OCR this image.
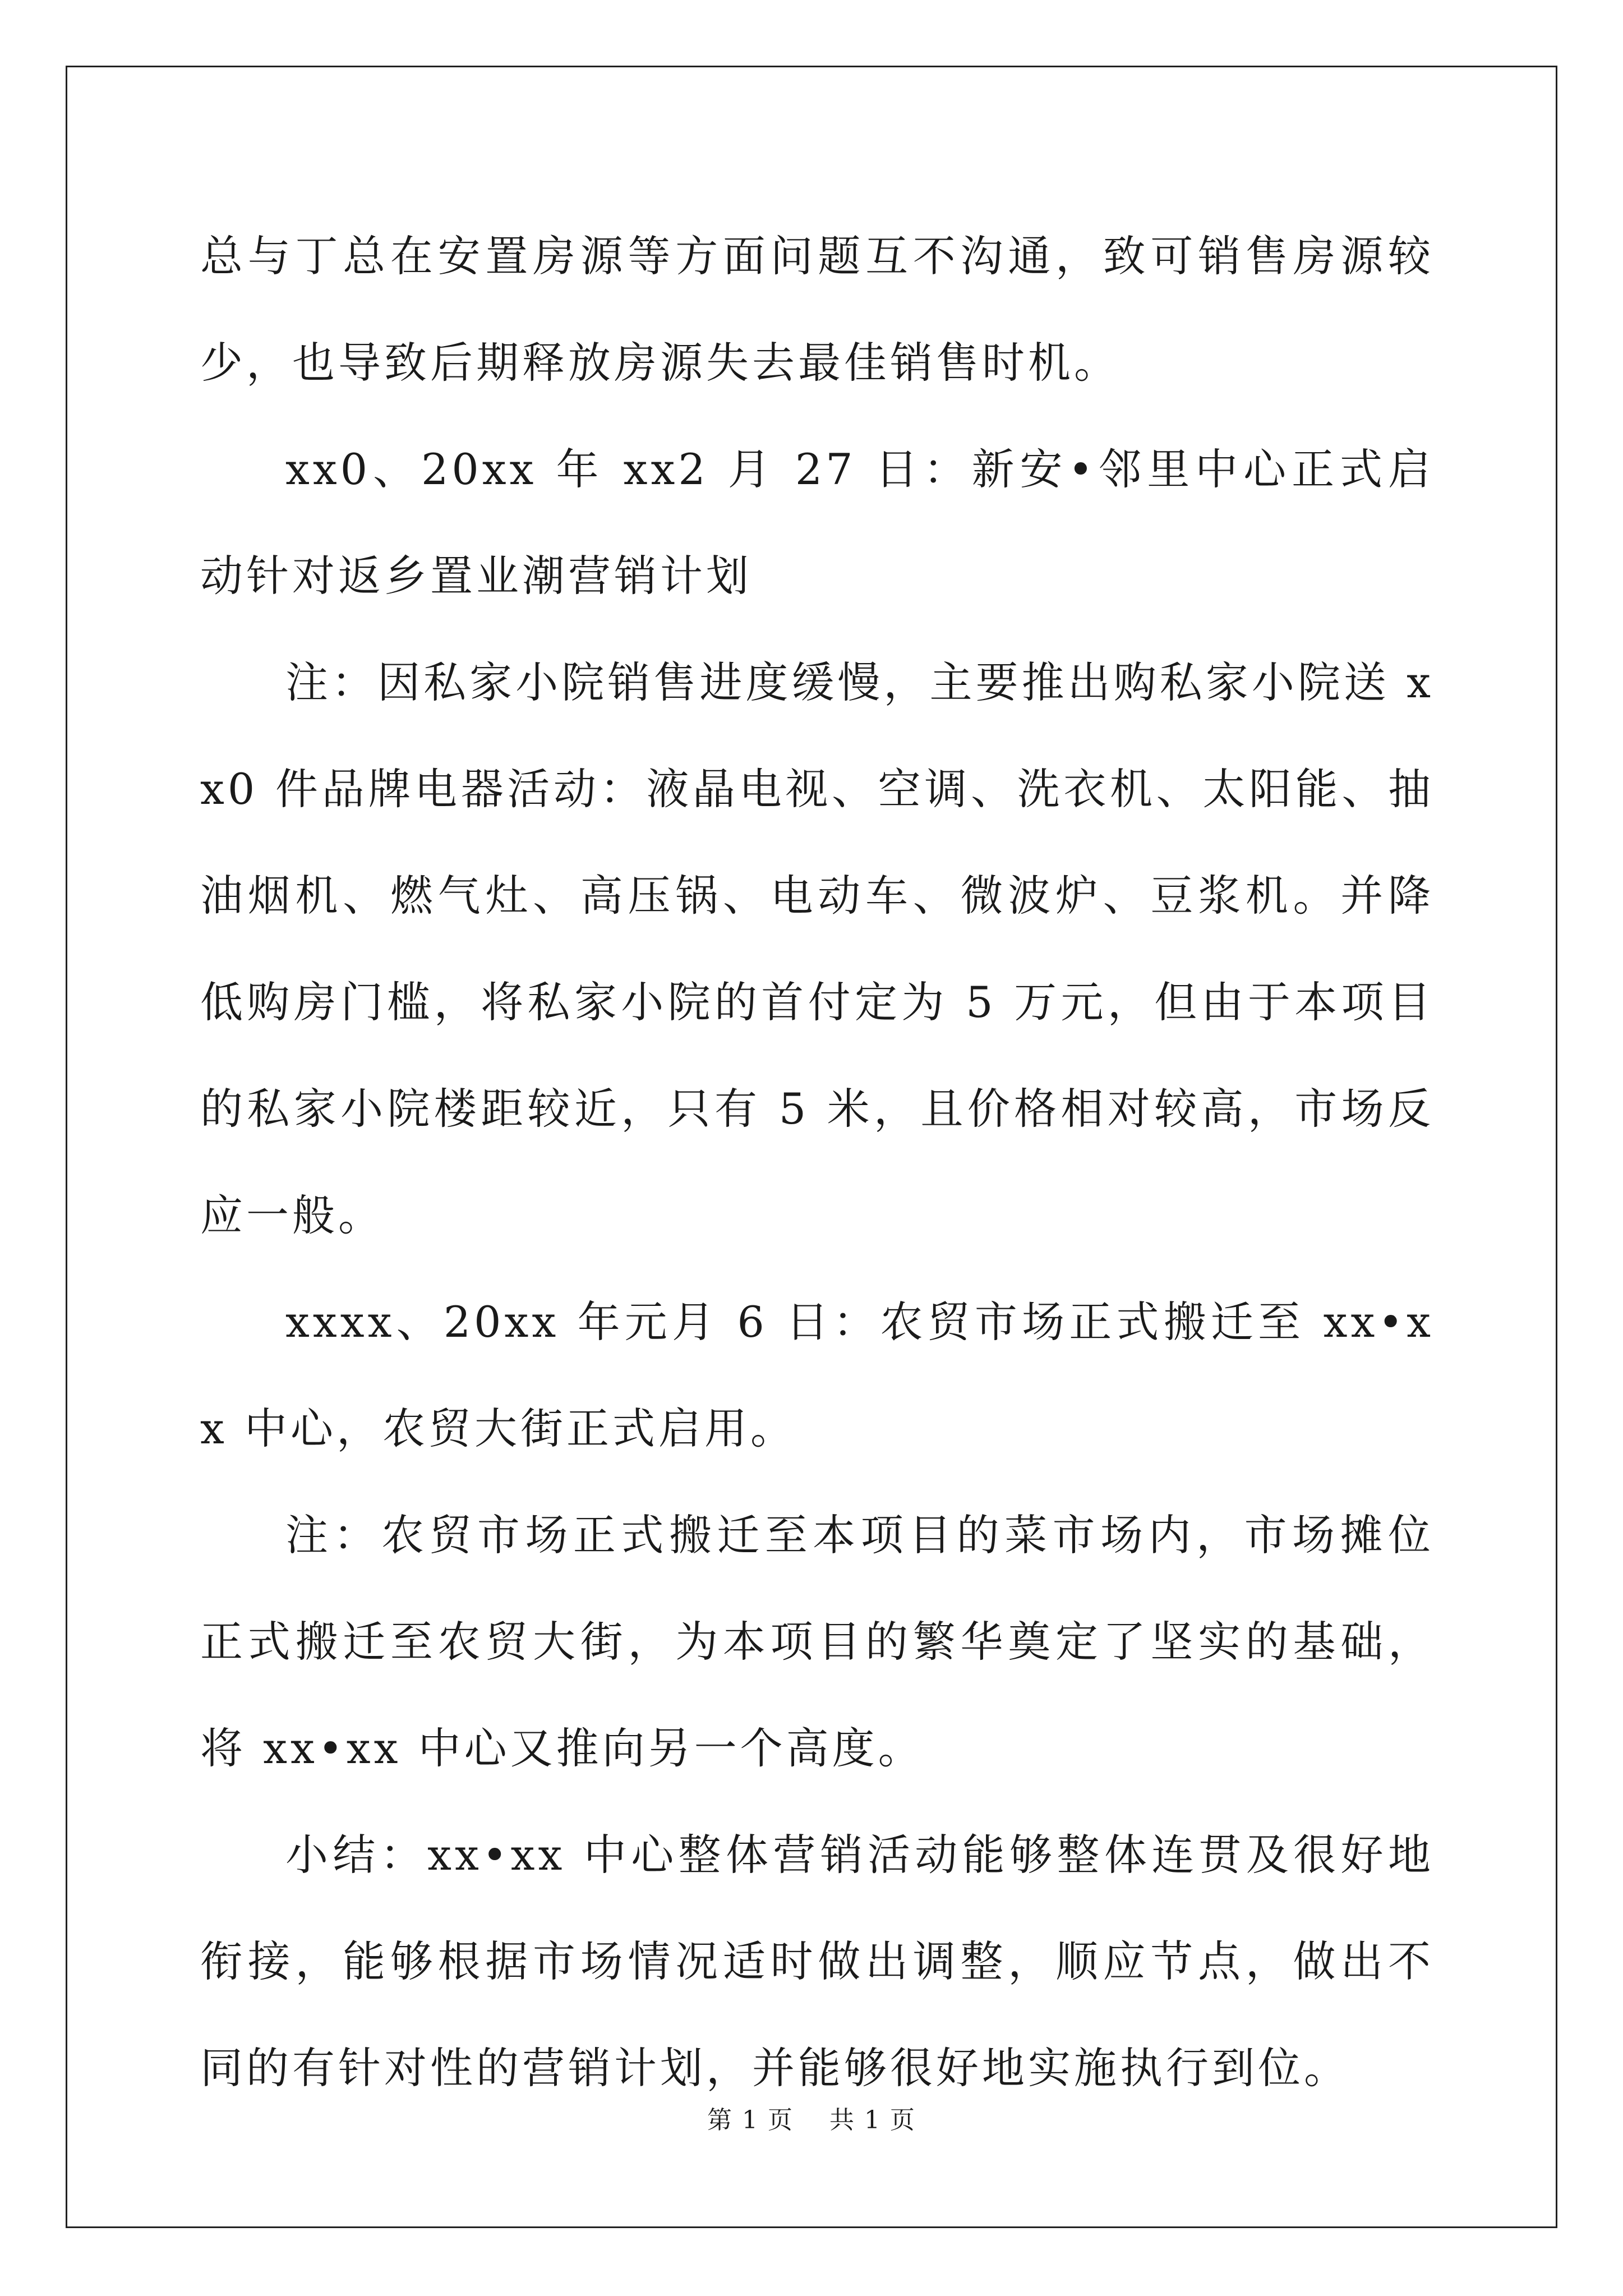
总与丁总在安置房源等方面问题互不沟通，致可销售房源较少，也导致后期释放房源失去最佳销售时机。

xx0、20xx 年 xx2 月 27 日：新安•邻里中心正式启动针对返乡置业潮营销计划

注：因私家小院销售进度缓慢，主要推出购私家小院送 xx0 件品牌电器活动：液晶电视、空调、洗衣机、太阳能、抽油烟机、燃气灶、高压锅、电动车、微波炉、豆浆机。并降低购房门槛，将私家小院的首付定为 5 万元，但由于本项目的私家小院楼距较近，只有 5 米，且价格相对较高，市场反应一般。

xxxx、20xx 年元月 6 日：农贸市场正式搬迁至 xx•xx 中心，农贸大街正式启用。

注：农贸市场正式搬迁至本项目的菜市场内，市场摊位正式搬迁至农贸大街，为本项目的繁华奠定了坚实的基础，将 xx•xx 中心又推向另一个高度。

小结：xx•xx 中心整体营销活动能够整体连贯及很好地衔接，能够根据市场情况适时做出调整，顺应节点，做出不同的有针对性的营销计划，并能够很好地实施执行到位。

第 1 页 共 1 页
